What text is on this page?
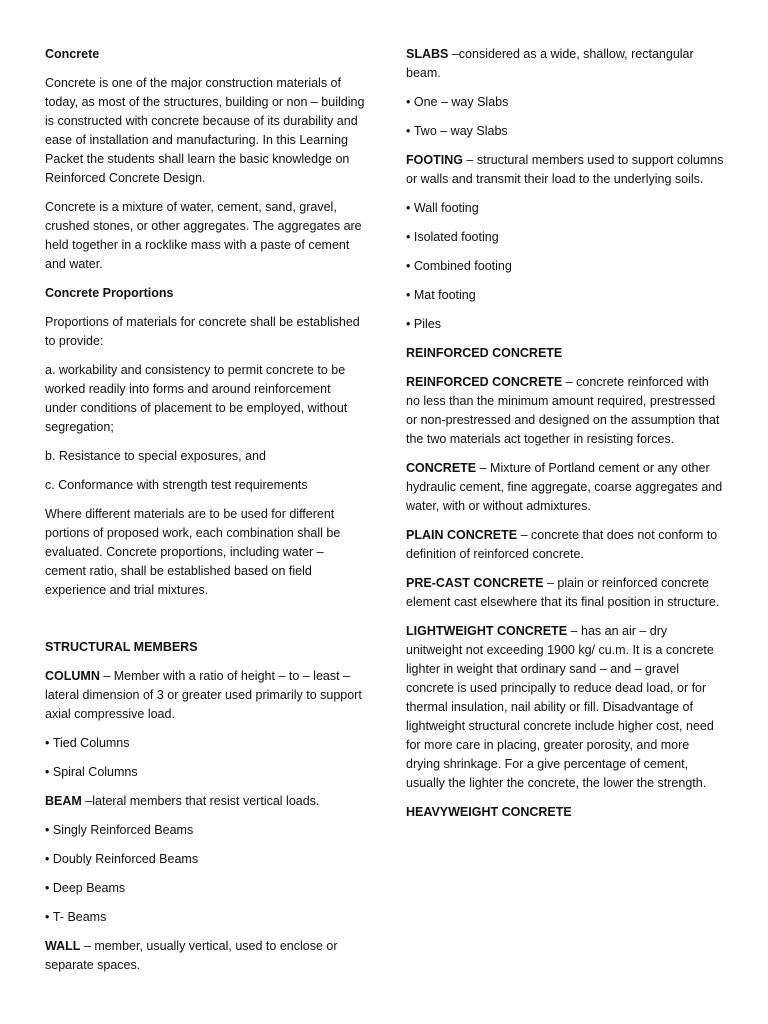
Concrete

Concrete is one of the major construction materials of today, as most of the structures, building or non – building is constructed with concrete because of its durability and ease of installation and manufacturing. In this Learning Packet the students shall learn the basic knowledge on Reinforced Concrete Design.

Concrete is a mixture of water, cement, sand, gravel, crushed stones, or other aggregates. The aggregates are held together in a rocklike mass with a paste of cement and water.

Concrete Proportions

Proportions of materials for concrete shall be established to provide:

a. workability and consistency to permit concrete to be worked readily into forms and around reinforcement under conditions of placement to be employed, without segregation;

b. Resistance to special exposures, and

c. Conformance with strength test requirements

Where different materials are to be used for different portions of proposed work, each combination shall be evaluated. Concrete proportions, including water – cement ratio, shall be established based on field experience and trial mixtures.

STRUCTURAL MEMBERS

COLUMN – Member with a ratio of height – to – least – lateral dimension of 3 or greater used primarily to support axial compressive load.

• Tied Columns

• Spiral Columns

BEAM –lateral members that resist vertical loads.

• Singly Reinforced Beams

• Doubly Reinforced Beams

• Deep Beams

• T- Beams

WALL – member, usually vertical, used to enclose or separate spaces.

SLABS –considered as a wide, shallow, rectangular beam.

• One – way Slabs

• Two – way Slabs

FOOTING – structural members used to support columns or walls and transmit their load to the underlying soils.

• Wall footing

• Isolated footing

• Combined footing

• Mat footing

• Piles

REINFORCED CONCRETE

REINFORCED CONCRETE – concrete reinforced with no less than the minimum amount required, prestressed or non-prestressed and designed on the assumption that the two materials act together in resisting forces.

CONCRETE – Mixture of Portland cement or any other hydraulic cement, fine aggregate, coarse aggregates and water, with or without admixtures.

PLAIN CONCRETE – concrete that does not conform to definition of reinforced concrete.

PRE-CAST CONCRETE – plain or reinforced concrete element cast elsewhere that its final position in structure.

LIGHTWEIGHT CONCRETE – has an air – dry unitweight not exceeding 1900 kg/ cu.m. It is a concrete lighter in weight that ordinary sand – and – gravel concrete is used principally to reduce dead load, or for thermal insulation, nail ability or fill. Disadvantage of lightweight structural concrete include higher cost, need for more care in placing, greater porosity, and more drying shrinkage. For a give percentage of cement, usually the lighter the concrete, the lower the strength.

HEAVYWEIGHT CONCRETE
